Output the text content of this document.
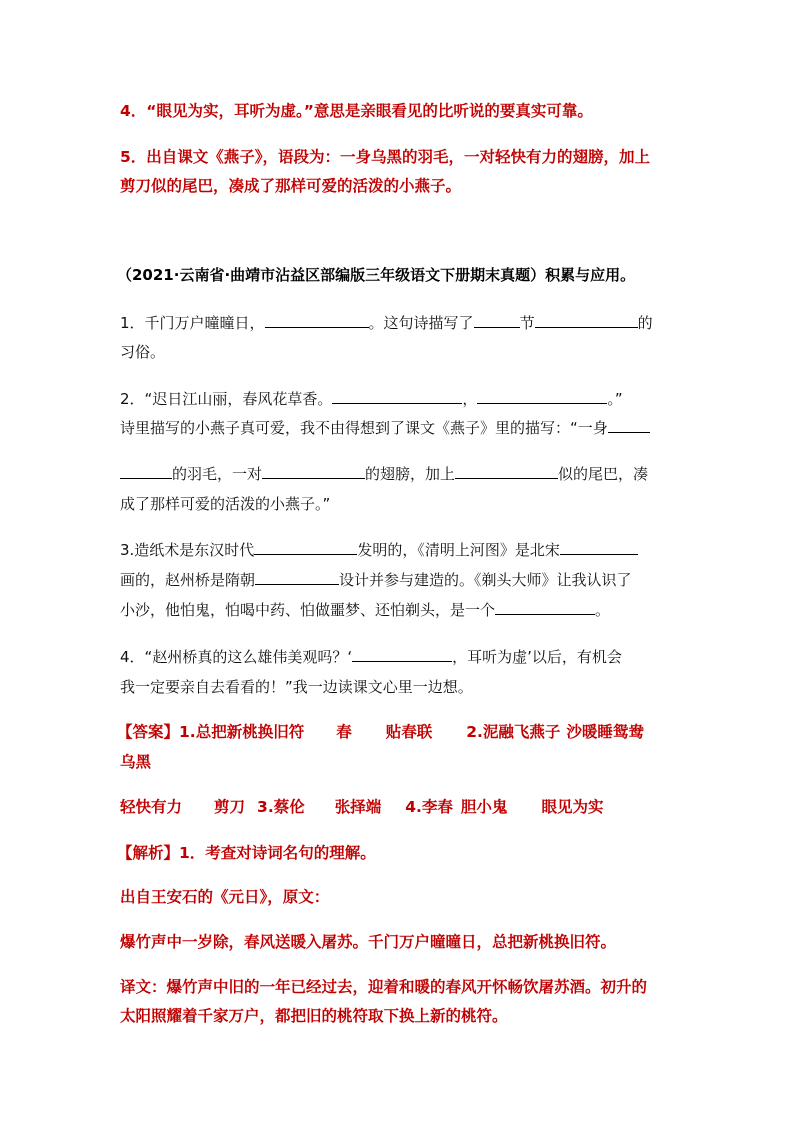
4．“眼见为实，耳听为虚。”意思是亲眼看见的比听说的要真实可靠。
5．出自课文《燕子》，语段为：一身乌黑的羽毛，一对轻快有力的翅膀，加上
剪刀似的尾巴，凑成了那样可爱的活泼的小燕子。
（2021·云南省·曲靖市沾益区部编版三年级语文下册期末真题）积累与应用。
1．千门万户曈曈日，	。这句诗描写了	节	的
习俗。
2．“迟日江山丽，春风花草香。	，	。”
诗里描写的小燕子真可爱，我不由得想到了课文《燕子》里的描写：“一身
的羽毛，一对	的翅膀，加上	似的尾巴，凑
成了那样可爱的活泼的小燕子。”
3.造纸术是东汉时代	发明的，《清明上河图》是北宋
画的，赵州桥是隋朝	设计并参与建造的。《剃头大师》让我认识了
小沙，他怕鬼，怕喝中药、怕做噩梦、还怕剃头，是一个	。
4．“赵州桥真的这么雄伟美观吗？‘	，耳听为虚’以后，有机会
我一定要亲自去看看的！”我一边读课文心里一边想。
【答案】1.总把新桃换旧符 春 贴春联 2.泥融飞燕子 沙暖睡鸳鸯
乌黑
轻快有力 剪刀 3.蔡伦 张择端 4.李春 胆小鬼 眼见为实
【解析】1．考查对诗词名句的理解。
出自王安石的《元日》，原文：
爆竹声中一岁除，春风送暖入屠苏。千门万户曈曈日，总把新桃换旧符。
译文：爆竹声中旧的一年已经过去，迎着和暖的春风开怀畅饮屠苏酒。初升的
太阳照耀着千家万户，都把旧的桃符取下换上新的桃符。
